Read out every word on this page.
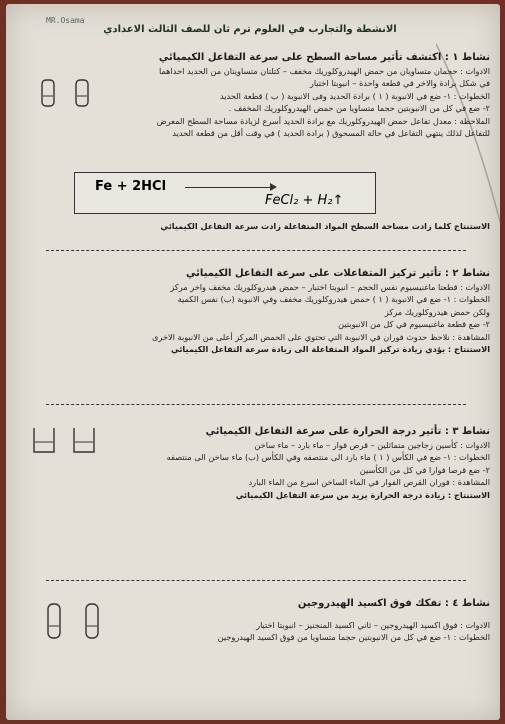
MR.Osama
الانشطة والتجارب في العلوم ترم ثان للصف الثالث الاعدادي
نشاط ١ : اكتشف تأثير مساحة السطح على سرعة التفاعل الكيميائي
الادوات : حجمان متساويان من حمض الهيدروكلوريك مخفف – كتلتان متساويتان من الحديد احداهما
في شكل برادة والاخر في قطعة واحدة – انبوبتا اختبار
الخطوات : ١- ضع في الانبوبة ( ١ ) برادة الحديد وفى الانبوبة ( ب ) قطعة الحديد
٢- ضع في كل من الانبوبتين حجما متساويا من حمض الهيدروكلوريك المخفف .
الملاحظة : معدل تفاعل حمض الهيدروكلوريك مع برادة الحديد أسرع لزيادة مساحة السطح المعرض
للتفاعل لذلك ينتهي التفاعل في حالة المسحوق ( برادة الحديد ) في وقت أقل من قطعة الحديد
Fe + 2HCl
FeCl₂ + H₂↑
الاستنتاج كلما زادت مساحة السطح المواد المتفاعلة زادت سرعة التفاعل الكيميائي
نشاط ٢ : تأثير تركيز المتفاعلات على سرعة التفاعل الكيميائي
الادوات : قطعتا ماغنيسيوم نفس الحجم – انبوبتا اختبار – حمض هيدروكلوريك مخفف واخر مركز
الخطوات : ١- ضع في الانبوبة ( ١ ) حمض هيدروكلوريك مخفف وفي الانبوبة (ب) نفس الكمية
ولكن حمض هيدروكلوريك مركز
٢- ضع قطعة ماغنيسيوم في كل من الانبوبتين
المشاهدة : نلاحظ حدوث فوران في الانبوبة التي تحتوي على الحمض المركز أعلى من الانبوبة الاخرى
الاستنتاج : يؤدي زيادة تركيز المواد المتفاعلة الى زيادة سرعة التفاعل الكيميائي
نشاط ٣ : تأثير درجة الحرارة على سرعة التفاعل الكيميائي
الادوات : كأسين زجاجين متماثلين – قرص فوار – ماء بارد – ماء ساخن
الخطوات : ١- ضع في الكأس ( ١ ) ماء بارد الى منتصفه وفي الكأس (ب) ماء ساخن الى منتصفه
٢- ضع قرصا فوارا في كل من الكأسين
المشاهدة : فوران القرص الفوار في الماء الساخن اسرع من الماء البارد
الاستنتاج : زيادة درجة الحرارة يزيد من سرعة التفاعل الكيميائي
نشاط ٤ : تفكك فوق اكسيد الهيدروجين
الادوات : فوق اكسيد الهيدروجين – ثاني اكسيد المنجنيز – انبوبتا اختبار
الخطوات : ١- ضع في كل من الانبوبتين حجما متساويا من فوق اكسيد الهيدروجين
